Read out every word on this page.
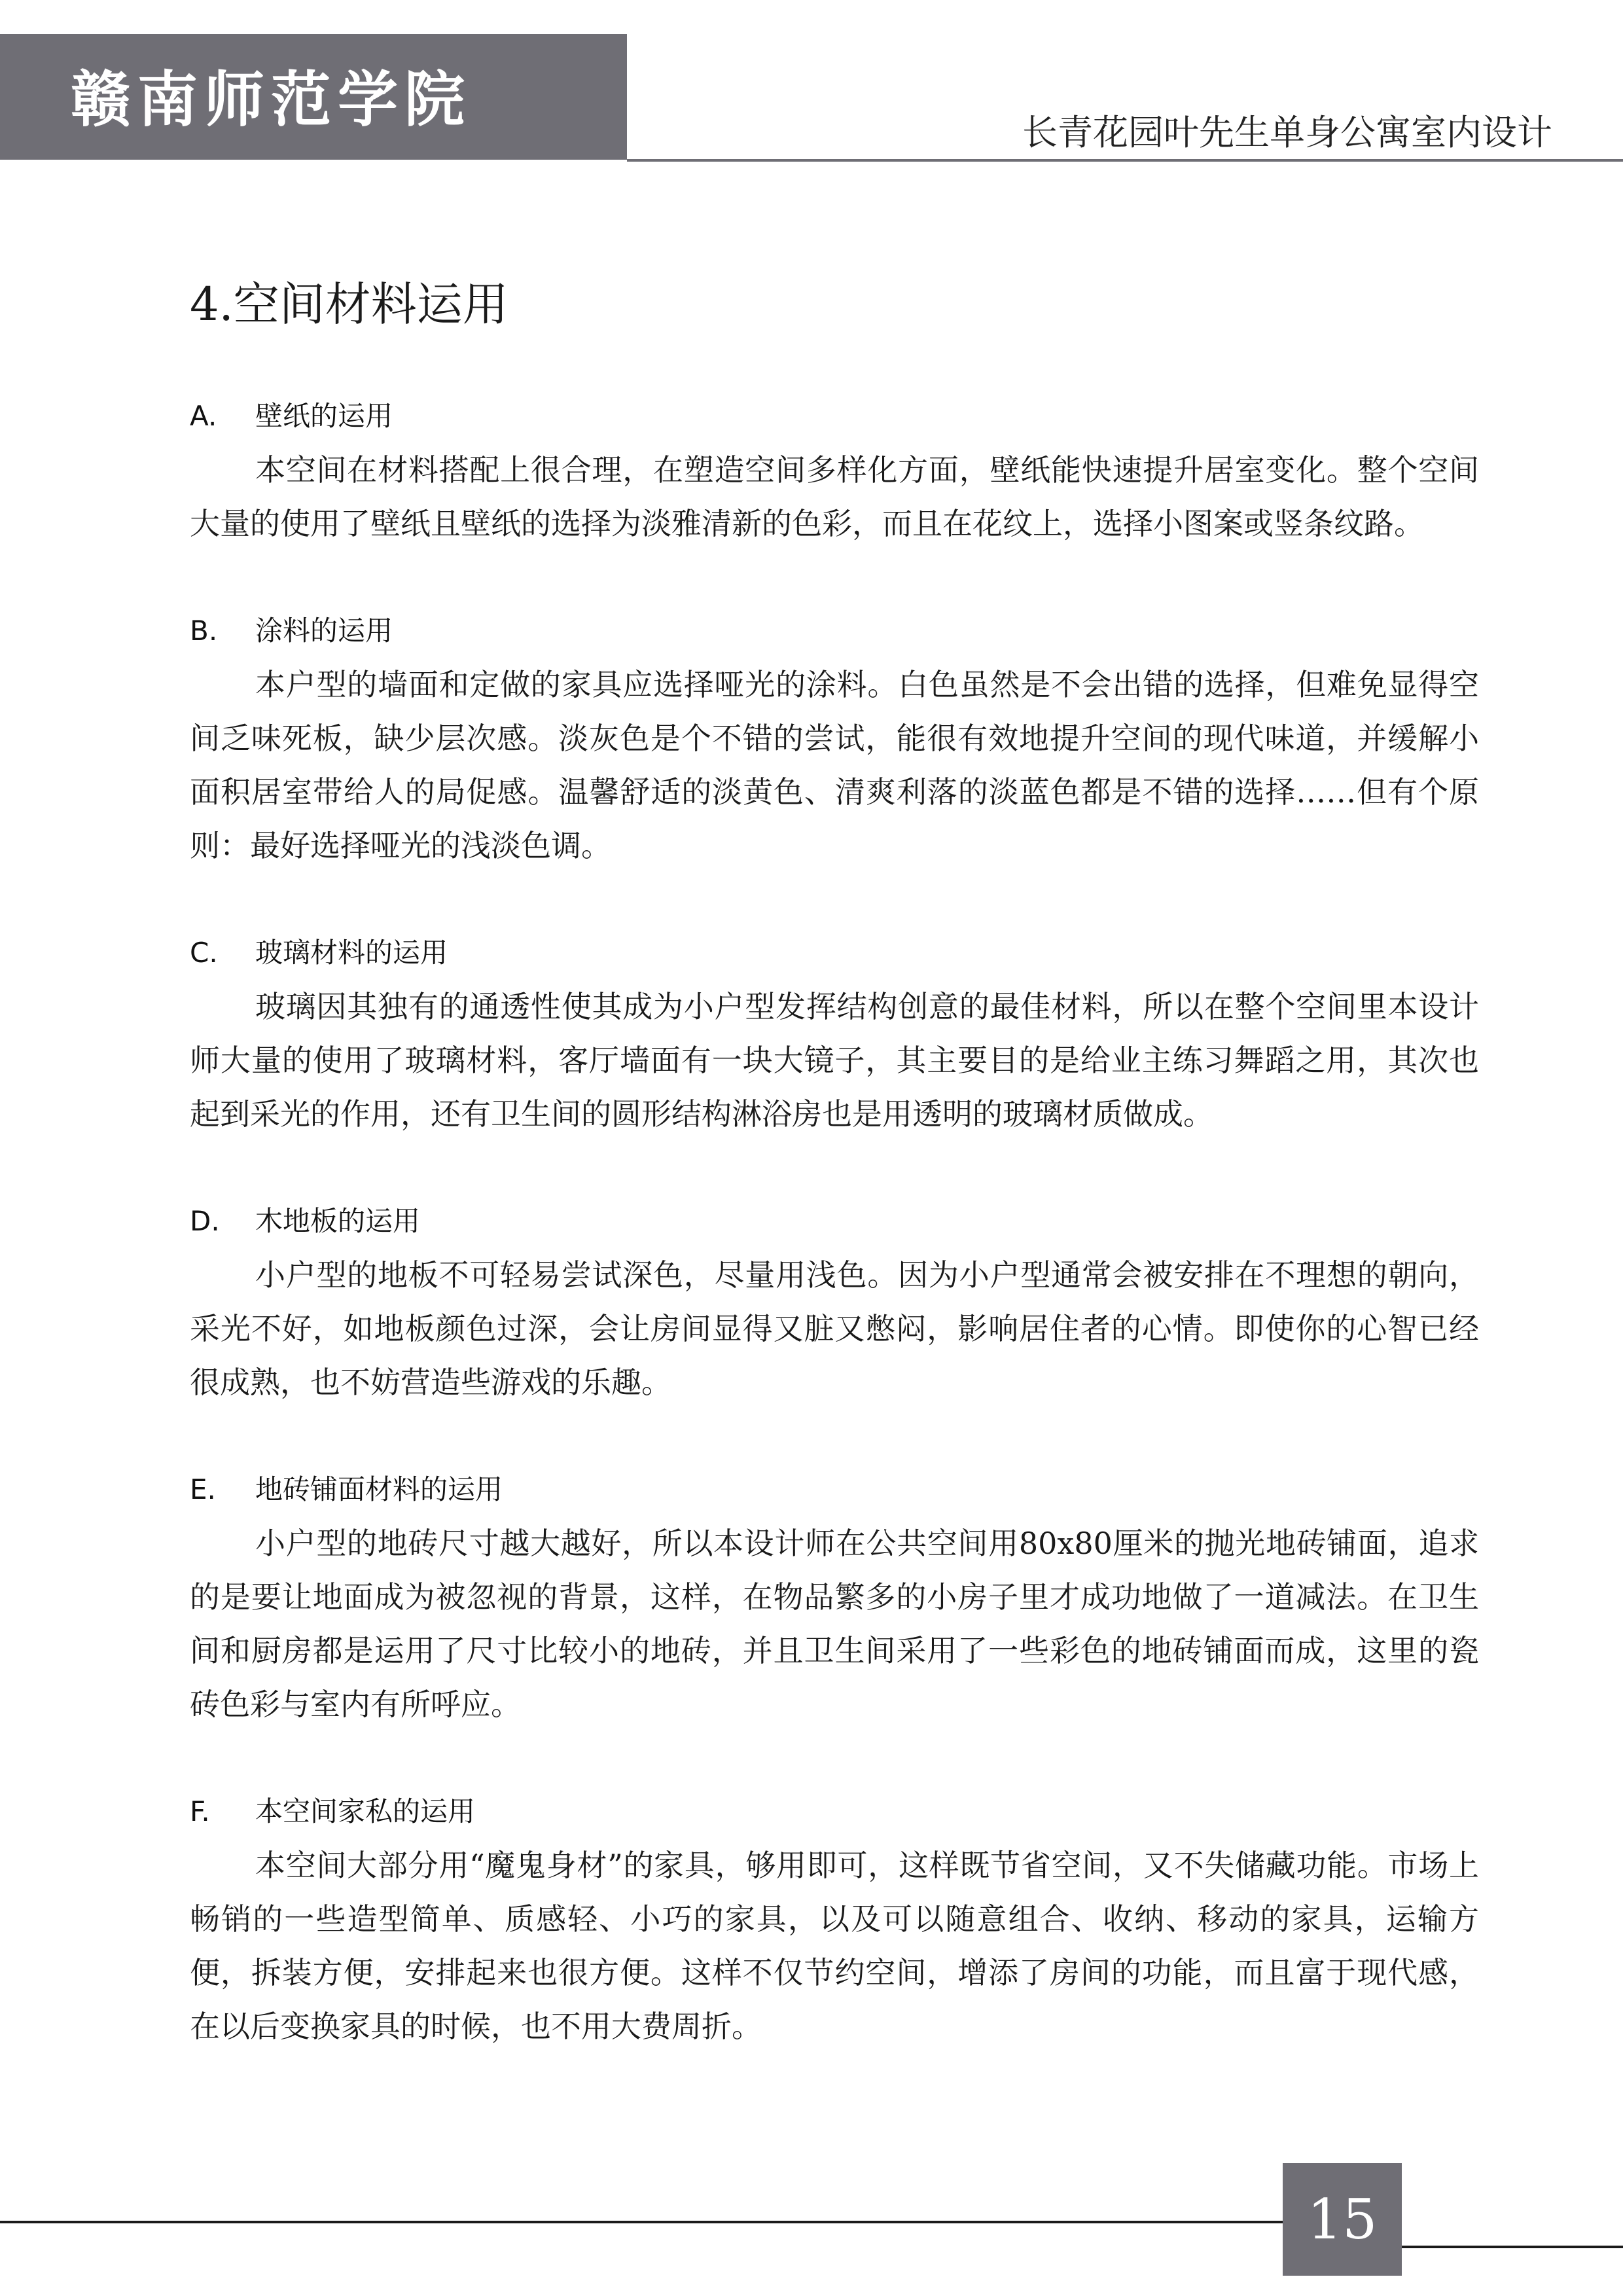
赣南师范学院	长青花园叶先生单身公寓室内设计
4.空间材料运用
A. 壁纸的运用

本空间在材料搭配上很合理，在塑造空间多样化方面，壁纸能快速提升居室变化。整个空间大量的使用了壁纸且壁纸的选择为淡雅清新的色彩，而且在花纹上，选择小图案或竖条纹路。

B. 涂料的运用

本户型的墙面和定做的家具应选择哑光的涂料。白色虽然是不会出错的选择，但难免显得空间乏味死板，缺少层次感。淡灰色是个不错的尝试，能很有效地提升空间的现代味道，并缓解小面积居室带给人的局促感。温馨舒适的淡黄色、清爽利落的淡蓝色都是不错的选择……但有个原则：最好选择哑光的浅淡色调。

C. 玻璃材料的运用

玻璃因其独有的通透性使其成为小户型发挥结构创意的最佳材料，所以在整个空间里本设计师大量的使用了玻璃材料，客厅墙面有一块大镜子，其主要目的是给业主练习舞蹈之用，其次也起到采光的作用，还有卫生间的圆形结构淋浴房也是用透明的玻璃材质做成。

D. 木地板的运用

小户型的地板不可轻易尝试深色，尽量用浅色。因为小户型通常会被安排在不理想的朝向，采光不好，如地板颜色过深，会让房间显得又脏又憋闷，影响居住者的心情。即使你的心智已经很成熟，也不妨营造些游戏的乐趣。

E. 地砖铺面材料的运用

小户型的地砖尺寸越大越好，所以本设计师在公共空间用80x80厘米的抛光地砖铺面，追求的是要让地面成为被忽视的背景，这样，在物品繁多的小房子里才成功地做了一道减法。在卫生间和厨房都是运用了尺寸比较小的地砖，并且卫生间采用了一些彩色的地砖铺面而成，这里的瓷砖色彩与室内有所呼应。

F. 本空间家私的运用

本空间大部分用“魔鬼身材”的家具，够用即可，这样既节省空间，又不失储藏功能。市场上畅销的一些造型简单、质感轻、小巧的家具，以及可以随意组合、收纳、移动的家具，运输方便，拆装方便，安排起来也很方便。这样不仅节约空间，增添了房间的功能，而且富于现代感，在以后变换家具的时候，也不用大费周折。

15
